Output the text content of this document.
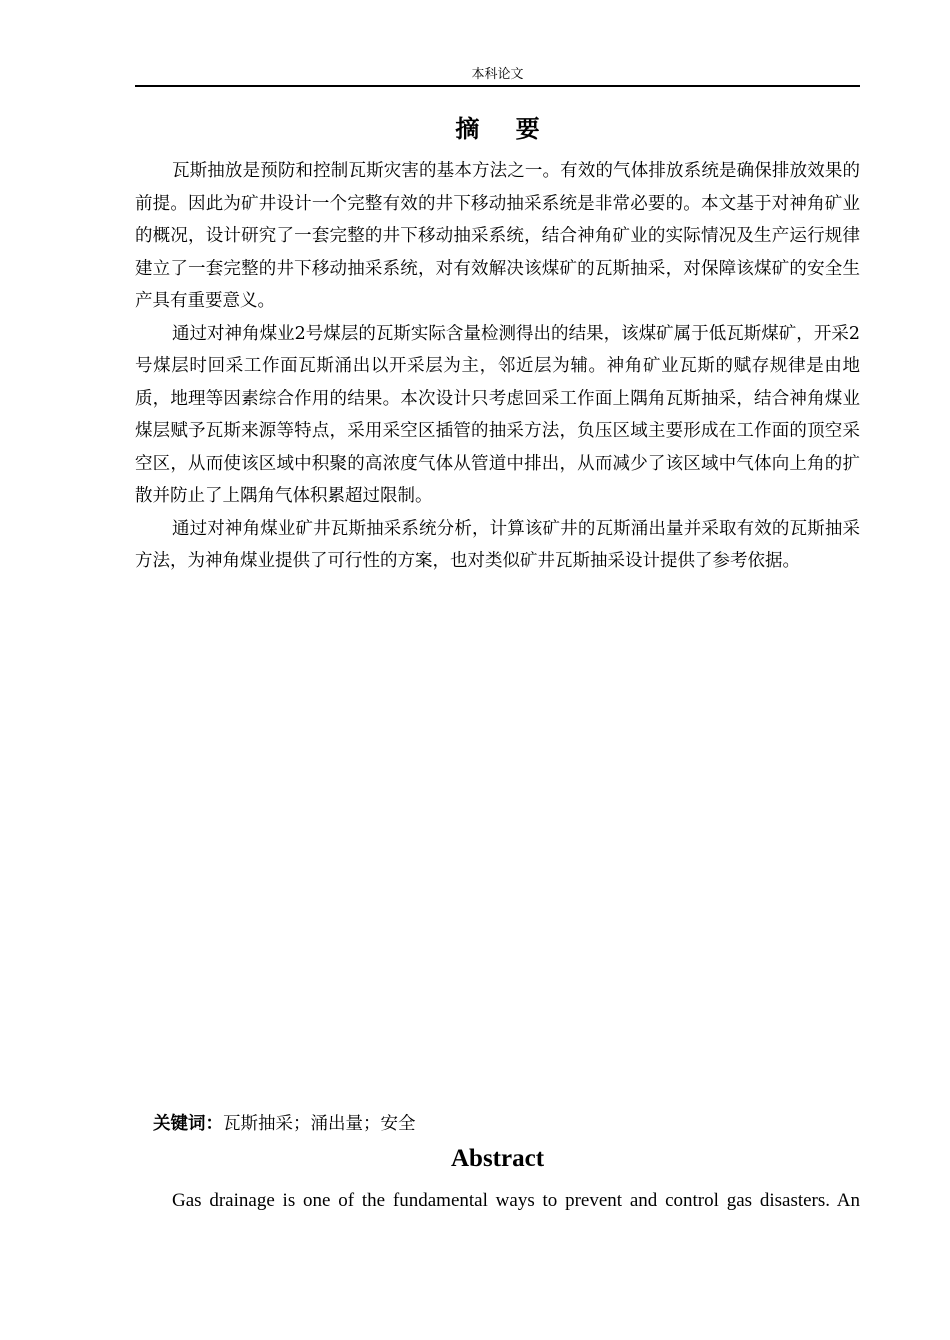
本科论文
摘 要

瓦斯抽放是预防和控制瓦斯灾害的基本方法之一。有效的气体排放系统是确保排放效果的前提。因此为矿井设计一个完整有效的井下移动抽采系统是非常必要的。本文基于对神角矿业的概况，设计研究了一套完整的井下移动抽采系统，结合神角矿业的实际情况及生产运行规律建立了一套完整的井下移动抽采系统，对有效解决该煤矿的瓦斯抽采，对保障该煤矿的安全生产具有重要意义。

通过对神角煤业2号煤层的瓦斯实际含量检测得出的结果，该煤矿属于低瓦斯煤矿，开采2号煤层时回采工作面瓦斯涌出以开采层为主，邻近层为辅。神角矿业瓦斯的赋存规律是由地质，地理等因素综合作用的结果。本次设计只考虑回采工作面上隅角瓦斯抽采，结合神角煤业煤层赋予瓦斯来源等特点，采用采空区插管的抽采方法，负压区域主要形成在工作面的顶空采空区，从而使该区域中积聚的高浓度气体从管道中排出，从而减少了该区域中气体向上角的扩散并防止了上隅角气体积累超过限制。

通过对神角煤业矿井瓦斯抽采系统分析，计算该矿井的瓦斯涌出量并采取有效的瓦斯抽采方法，为神角煤业提供了可行性的方案，也对类似矿井瓦斯抽采设计提供了参考依据。

关键词：瓦斯抽采；涌出量；安全
Abstract

Gas drainage is one of the fundamental ways to prevent and control gas disasters. An
